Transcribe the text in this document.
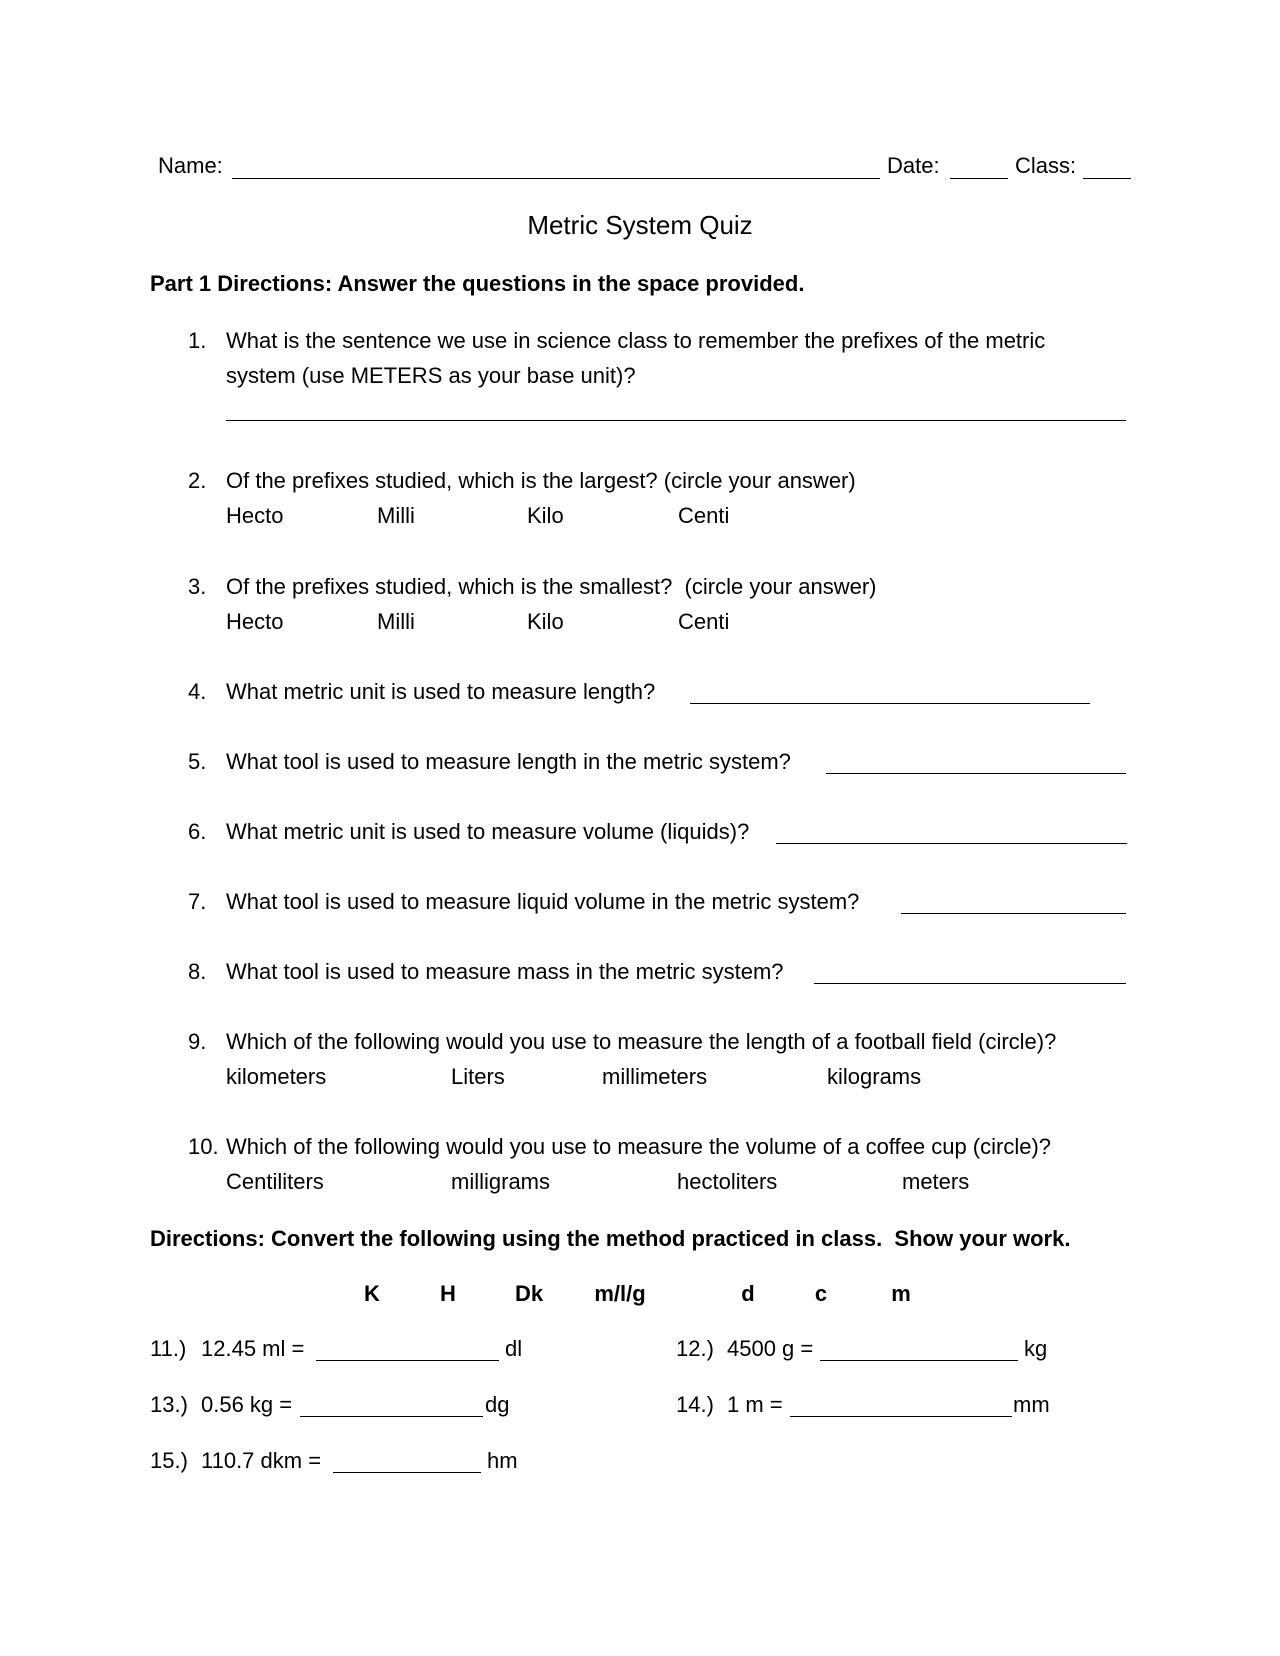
Name:	Date:	Class:
Metric System Quiz
Part 1 Directions: Answer the questions in the space provided.
1. What is the sentence we use in science class to remember the prefixes of the metric
system (use METERS as your base unit)?
2. Of the prefixes studied, which is the largest? (circle your answer)
Hecto	Milli	Kilo	Centi
3. Of the prefixes studied, which is the smallest?  (circle your answer)
Hecto	Milli	Kilo	Centi
4. What metric unit is used to measure length?
5. What tool is used to measure length in the metric system?
6. What metric unit is used to measure volume (liquids)?
7. What tool is used to measure liquid volume in the metric system?
8. What tool is used to measure mass in the metric system?
9. Which of the following would you use to measure the length of a football field (circle)?
kilometers	Liters	millimeters	kilograms
10. Which of the following would you use to measure the volume of a coffee cup (circle)?
Centiliters	milligrams	hectoliters	meters
Directions: Convert the following using the method practiced in class.  Show your work.
K	H	Dk m/l/g	d	c	m
11.) 12.45 ml =	dl	12.) 4500 g =	kg
13.) 0.56 kg =	dg	14.) 1 m =	mm
15.) 110.7 dkm =	hm
